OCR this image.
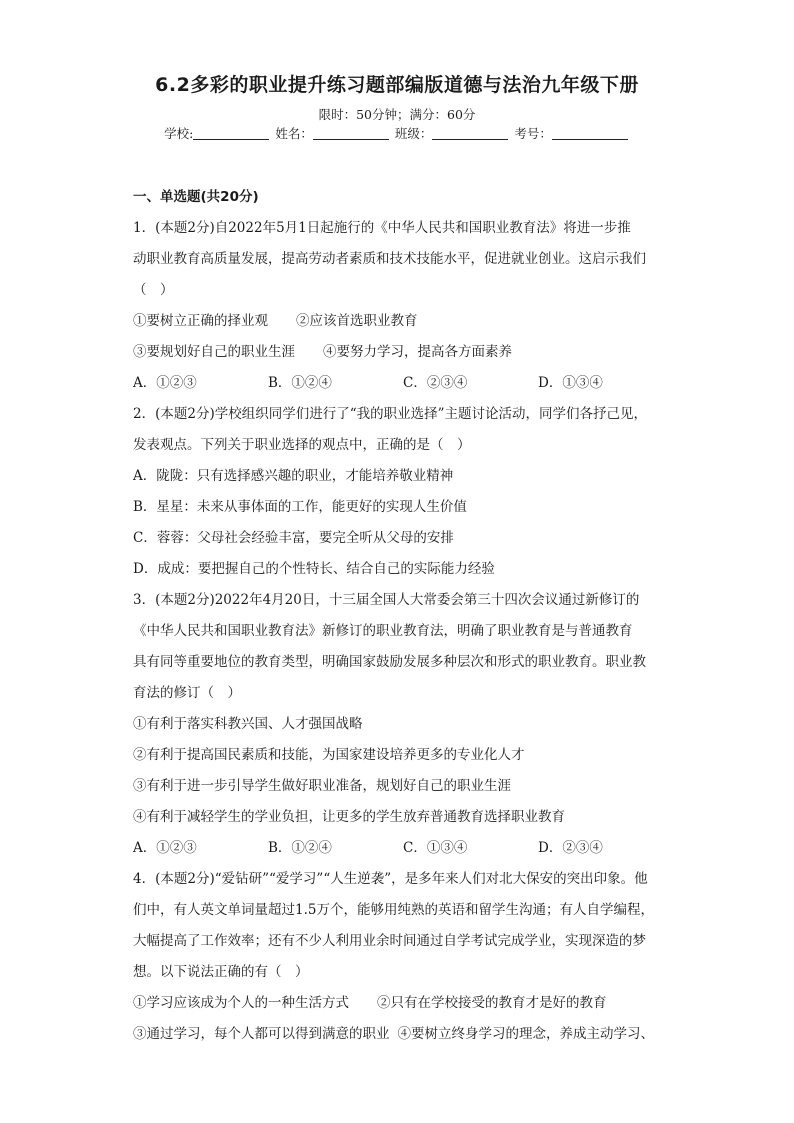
6.2多彩的职业提升练习题部编版道德与法治九年级下册
限时：50分钟；满分：60分
学校:	姓名：	班级：	考号：
一、单选题(共20分)
1．(本题2分)自2022年5月1日起施行的《中华人民共和国职业教育法》将进一步推
动职业教育高质量发展，提高劳动者素质和技术技能水平，促进就业创业。这启示我们
（　）
①要树立正确的择业观 ②应该首选职业教育
③要规划好自己的职业生涯 ④要努力学习，提高各方面素养
A．①②③	B．①②④	C．②③④	D．①③④
2．(本题2分)学校组织同学们进行了“我的职业选择”主题讨论活动，同学们各抒己见，
发表观点。下列关于职业选择的观点中，正确的是（　）
A．陇陇：只有选择感兴趣的职业，才能培养敬业精神
B．星星：未来从事体面的工作，能更好的实现人生价值
C．蓉蓉：父母社会经验丰富，要完全听从父母的安排
D．成成：要把握自己的个性特长、结合自己的实际能力经验
3．(本题2分)2022年4月20日，十三届全国人大常委会第三十四次会议通过新修订的
《中华人民共和国职业教育法》新修订的职业教育法，明确了职业教育是与普通教育
具有同等重要地位的教育类型，明确国家鼓励发展多种层次和形式的职业教育。职业教
育法的修订（　）
①有利于落实科教兴国、人才强国战略
②有利于提高国民素质和技能，为国家建设培养更多的专业化人才
③有利于进一步引导学生做好职业准备，规划好自己的职业生涯
④有利于减轻学生的学业负担，让更多的学生放弃普通教育选择职业教育
A．①②③	B．①②④	C．①③④	D．②③④
4．(本题2分)“爱钻研”“爱学习”“人生逆袭”，是多年来人们对北大保安的突出印象。他
们中，有人英文单词量超过1.5万个，能够用纯熟的英语和留学生沟通；有人自学编程，
大幅提高了工作效率；还有不少人利用业余时间通过自学考试完成学业，实现深造的梦
想。以下说法正确的有（　）
①学习应该成为个人的一种生活方式 ②只有在学校接受的教育才是好的教育
③通过学习，每个人都可以得到满意的职业 ④要树立终身学习的理念，养成主动学习、
